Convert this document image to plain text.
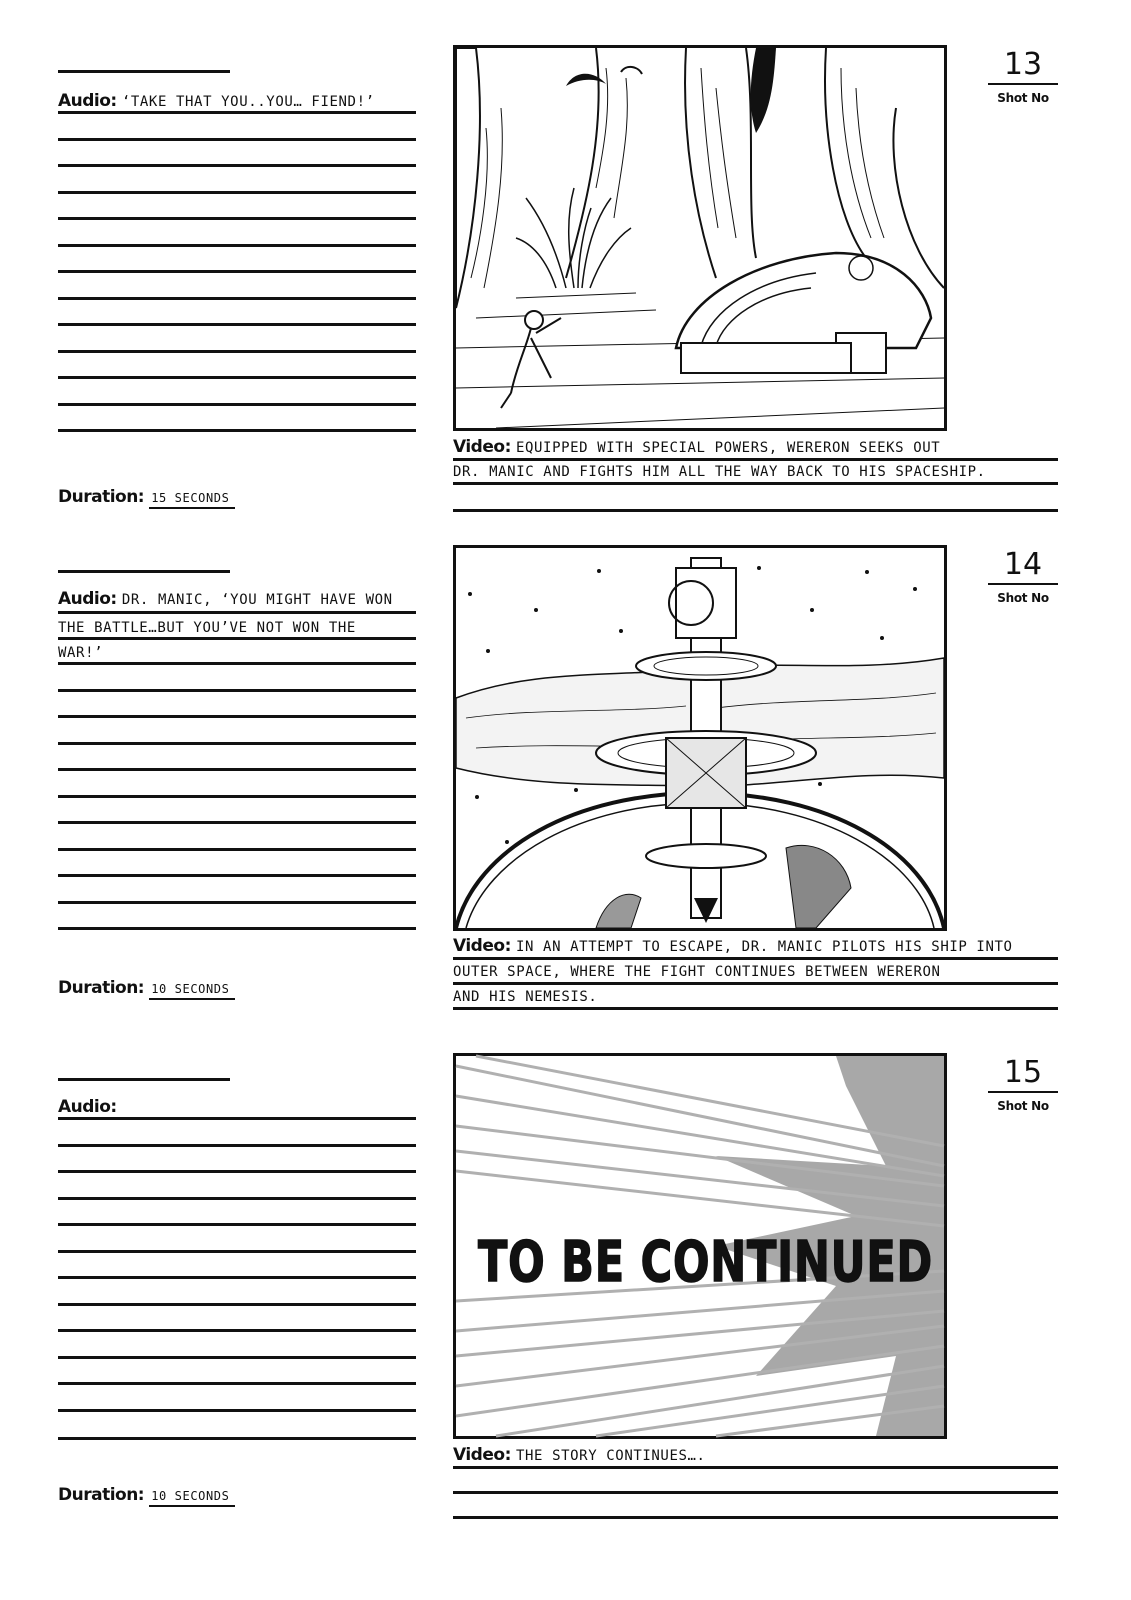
Audio: ‘TAKE THAT YOU..YOU… FIEND!’
Duration: 15 SECONDS
13
Shot No
Video: EQUIPPED WITH SPECIAL POWERS, WERERON SEEKS OUT
DR. MANIC AND FIGHTS HIM ALL THE WAY BACK TO HIS SPACESHIP.
Audio: DR. MANIC, ‘YOU MIGHT HAVE WON
THE BATTLE…BUT YOU’VE NOT WON THE
WAR!’
Duration: 10 SECONDS
14
Shot No
Video: IN AN ATTEMPT TO ESCAPE, DR. MANIC PILOTS HIS SHIP INTO
OUTER SPACE, WHERE THE FIGHT CONTINUES BETWEEN WERERON
AND HIS NEMESIS.
Audio:
Duration: 10 SECONDS
TO BE CONTINUED
15
Shot No
Video: THE STORY CONTINUES….
